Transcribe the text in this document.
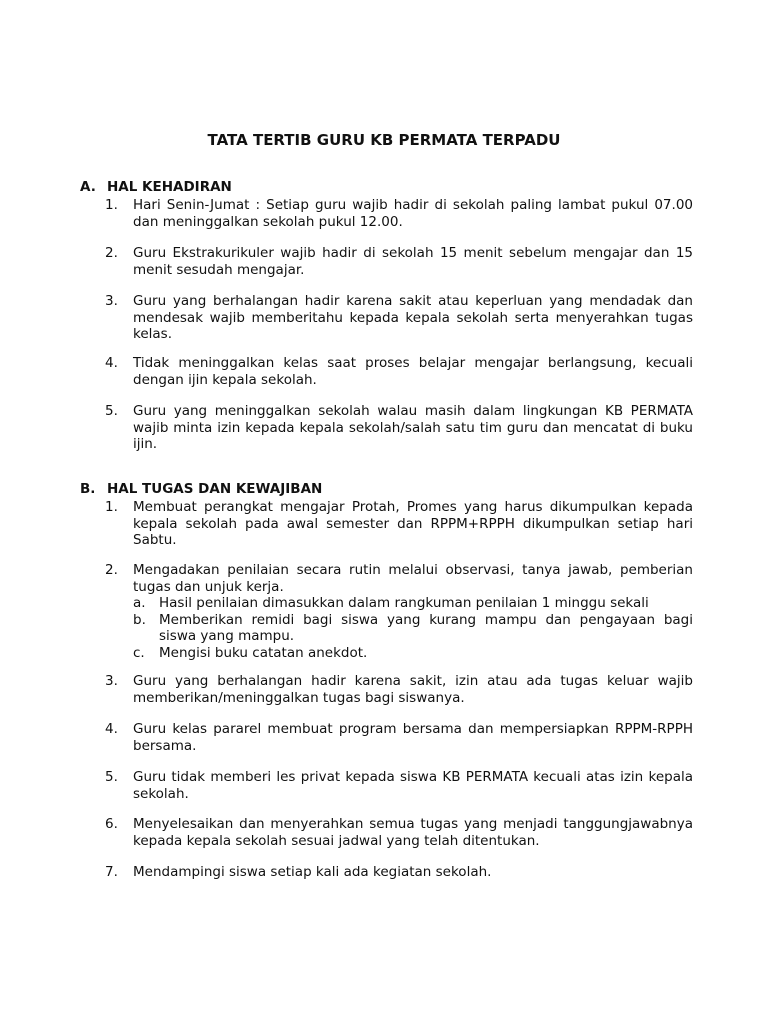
TATA TERTIB GURU KB PERMATA TERPADU
A. HAL KEHADIRAN
1.	Hari Senin-Jumat : Setiap guru wajib hadir di sekolah paling lambat pukul 07.00 dan meninggalkan sekolah pukul 12.00.
2.	Guru Ekstrakurikuler wajib hadir di sekolah 15 menit sebelum mengajar dan 15 menit sesudah mengajar.
3.	Guru yang berhalangan hadir karena sakit atau keperluan yang mendadak dan mendesak wajib memberitahu kepada kepala sekolah serta menyerahkan tugas kelas.
4.	Tidak meninggalkan kelas saat proses belajar mengajar berlangsung, kecuali dengan ijin kepala sekolah.
5.	Guru yang meninggalkan sekolah walau masih dalam lingkungan KB PERMATA wajib minta izin kepada kepala sekolah/salah satu tim guru dan mencatat di buku ijin.
B. HAL TUGAS DAN KEWAJIBAN
1.	Membuat perangkat mengajar Protah, Promes yang harus dikumpulkan kepada kepala sekolah pada awal semester dan RPPM+RPPH dikumpulkan setiap hari Sabtu.
2.	Mengadakan penilaian secara rutin melalui observasi, tanya jawab, pemberian tugas dan unjuk kerja.
a. Hasil penilaian dimasukkan dalam rangkuman penilaian 1 minggu sekali
b. Memberikan remidi bagi siswa yang kurang mampu dan pengayaan bagi siswa yang mampu.
c. Mengisi buku catatan anekdot.
3.	Guru yang berhalangan hadir karena sakit, izin atau ada tugas keluar wajib memberikan/meninggalkan tugas bagi siswanya.
4.	Guru kelas pararel membuat program bersama dan mempersiapkan RPPM-RPPH bersama.
5.	Guru tidak memberi les privat kepada siswa KB PERMATA kecuali atas izin kepala sekolah.
6.	Menyelesaikan dan menyerahkan semua tugas yang menjadi tanggungjawabnya kepada kepala sekolah sesuai jadwal yang telah ditentukan.
7.	Mendampingi siswa setiap kali ada kegiatan sekolah.
